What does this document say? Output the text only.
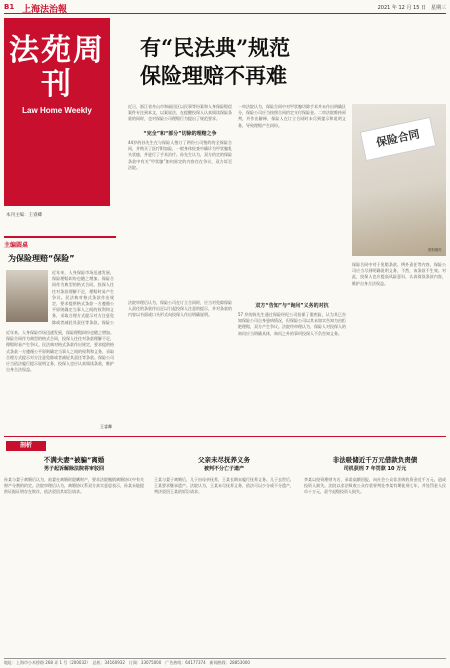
B1 上海法治報	2021 年 12 月 15 日　星期三
法苑周刊
Law Home Weekly
本刊主编：王睿卿
有“民法典”规范
保险理赔不再难
近日，浙江省舟山市和福田区以民事等纷案和人身保险赔偿案件专注到本文，以案说法，在提醒投保人认真阅读保险条款的同时，也对保险公司理赔行为提出了规范要求。
“完全”和“部分”切除的理赔之争
44岁的孙先生在与保险人签订了两份公司签约的全保险合同，并购买了医疗附加险，一般身体检查中确诊为甲状腺乳头状癌，并进行了手术治疗。孙先生认为，双方约定的保险条款中有关“甲状腺”如何界定的内容存在争议，双方诉至法院。
一审法院认为，保险合同中对甲状腺切除手术并未作出明确区分，保险公司应当按照合同约定支付保险金。二审法院维持原判，并作出解释，保险人在订立合同时未尽到提示和说明义务，导致理赔产生纠纷。
法院审理后认为，保险公司在订立合同时，应当对免除保险人责任的条款作出足以引起投保人注意的提示，并对条款的内容以书面或口头形式向投保人作出明确说明。
保险合同
资料图片
双方“告知”与“询问”义务的对抗
57 岁的陈先生通过保险经纪公司投保了重疾险，认为其已告知保险公司自身患病情况，但保险公司以其未如实告知为由拒绝理赔，双方产生争议。法院经审理认为，保险人对投保人的询问应当明确具体，询问之外的事项投保人不负告知义务。
保险合同中对于免赔条款、例外责任等内容，保险公司应当尽到明确说明义务，不然，该条款不生效。对此，投保人也应提高风险意识，认真阅读条款内容，维护自身合法权益。
主编圆桌
为保险理赔“保险”
近年来，人身保险市场迅速发展，保险理赔纠纷也随之增加。保险合同作为典型的格式合同，投保人往往对条款理解不足，理赔时易产生争议。民法典对格式条款作出规定，要求提供格式条款一方遵循公平原则确定当事人之间的权利和义务，采取合理方式提示对方注意免除或者减轻其责任等条款。保险公
近年来，人身保险市场迅速发展，保险理赔纠纷也随之增加。保险合同作为典型的格式合同，投保人往往对条款理解不足，理赔时易产生争议。民法典对格式条款作出规定，要求提供格式条款一方遵循公平原则确定当事人之间的权利和义务，采取合理方式提示对方注意免除或者减轻其责任等条款。保险公司应当依法履行提示说明义务，投保人也应认真阅读条款，维护自身合法权益。
王睿卿
剖析
不满夫妻“被骗”离婚
男子起诉解除法院将审驳回
孙某与妻子离婚后认为，前妻在离婚时隐瞒财产，要求法院撤销离婚协议中有关财产分割的约定。法院审理后认为，离婚协议系双方真实意思表示，孙某未能提供证据证明存在欺诈，依法驳回其诉讼请求。
父亲未尽抚养义务
被判不分亡子遗产
王某与妻子离婚后，儿子由母亲抚养，王某长期未履行抚养义务。儿子去世后，王某要求继承遗产。法院认为，王某未尽抚养义务，依法可以少分或不分遗产，判决驳回王某的诉讼请求。
非法吸储近千万元借款负责债
司机获刑 7 年罚款 10 万元
李某以投资理财为名，承诺高额回报，向社会公众非法吸收资金近千万元，造成投资人损失。法院以非法吸收公众存款罪判处李某有期徒刑七年，并处罚金人民币十万元，责令退赔投资人损失。
地址：上海市小木桥路 268 弄 1 号（200032）　总机：34160932　订阅：33075000　广告热线：64177374　新闻热线：28853000
